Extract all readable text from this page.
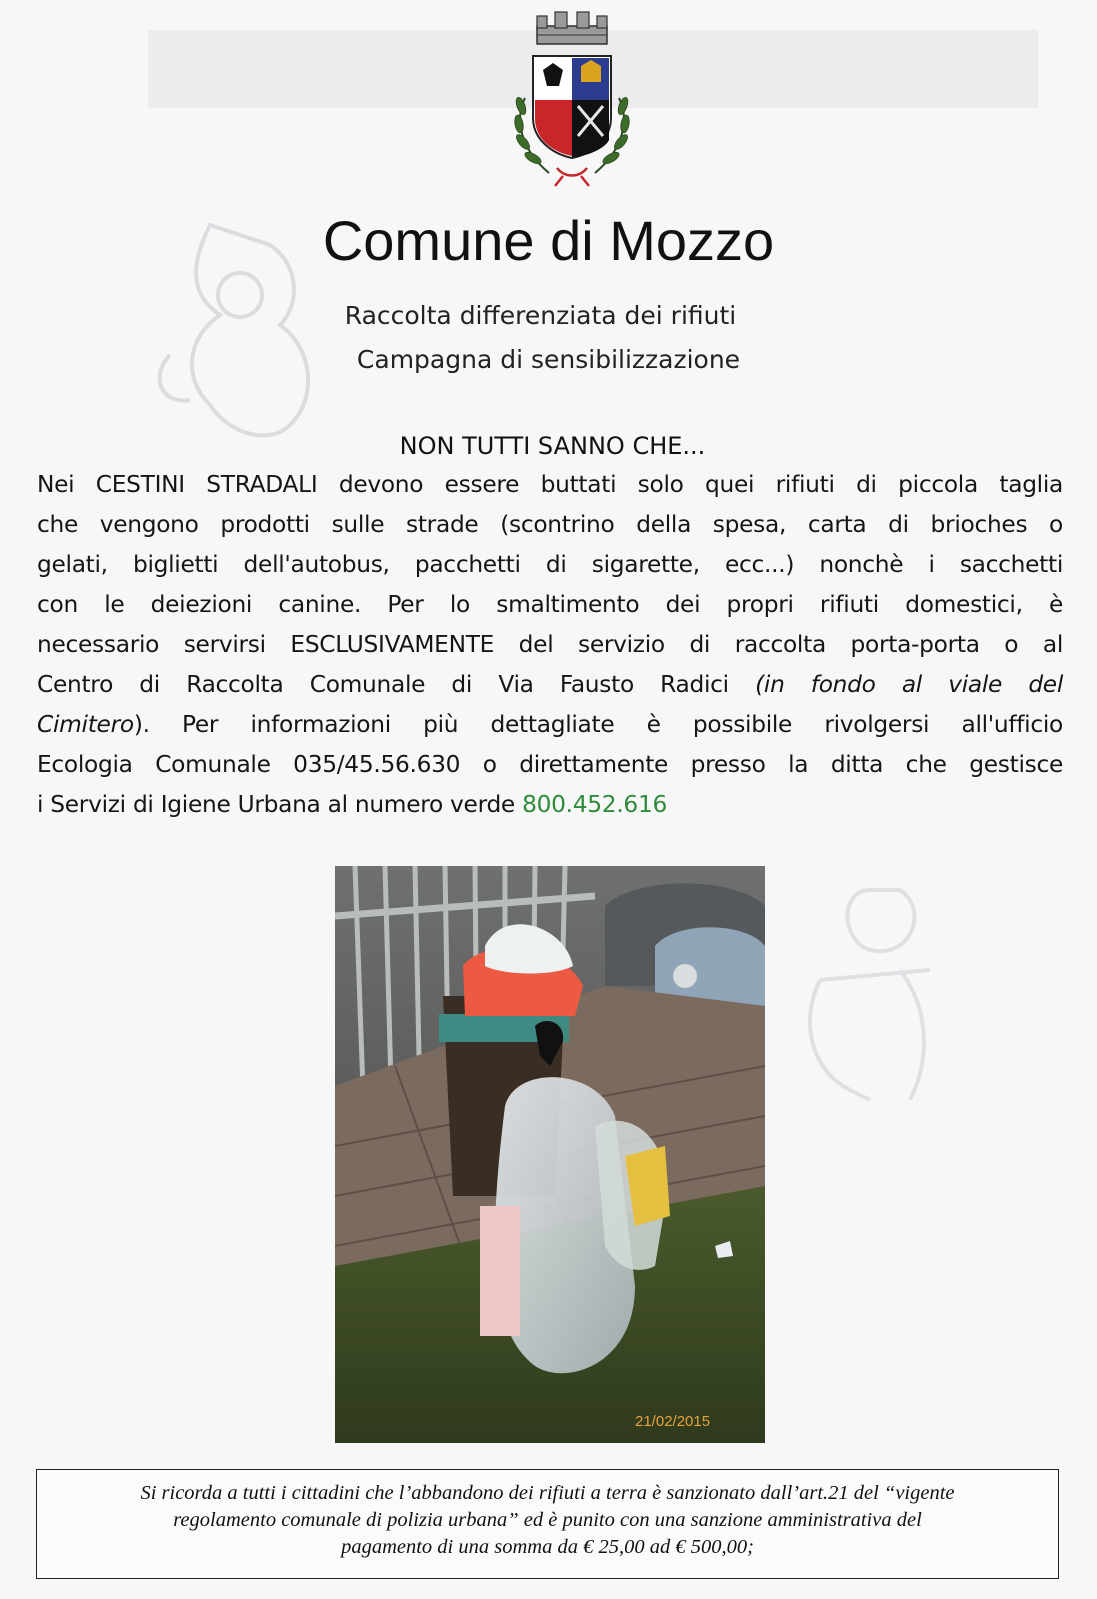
Comune di Mozzo
Raccolta differenziata dei rifiuti
Campagna di sensibilizzazione
NON TUTTI SANNO CHE...
Nei CESTINI STRADALI devono essere buttati solo quei rifiuti di piccola taglia
che vengono prodotti sulle strade (scontrino della spesa, carta di brioches o
gelati, biglietti dell'autobus, pacchetti di sigarette, ecc...) nonchè i sacchetti
con le deiezioni canine. Per lo smaltimento dei propri rifiuti domestici, è
necessario servirsi ESCLUSIVAMENTE del servizio di raccolta porta-porta o al
Centro di Raccolta Comunale di Via Fausto Radici (in fondo al viale del
Cimitero). Per informazioni più dettagliate è possibile rivolgersi all'ufficio
Ecologia Comunale 035/45.56.630 o direttamente presso la ditta che gestisce
i Servizi di Igiene Urbana al numero verde 800.452.616
21/02/2015
Si ricorda a tutti i cittadini che l’abbandono dei rifiuti a terra è sanzionato dall’art.21 del “vigente
regolamento comunale di polizia urbana” ed è punito con una sanzione amministrativa del
pagamento di una somma da € 25,00 ad € 500,00;
